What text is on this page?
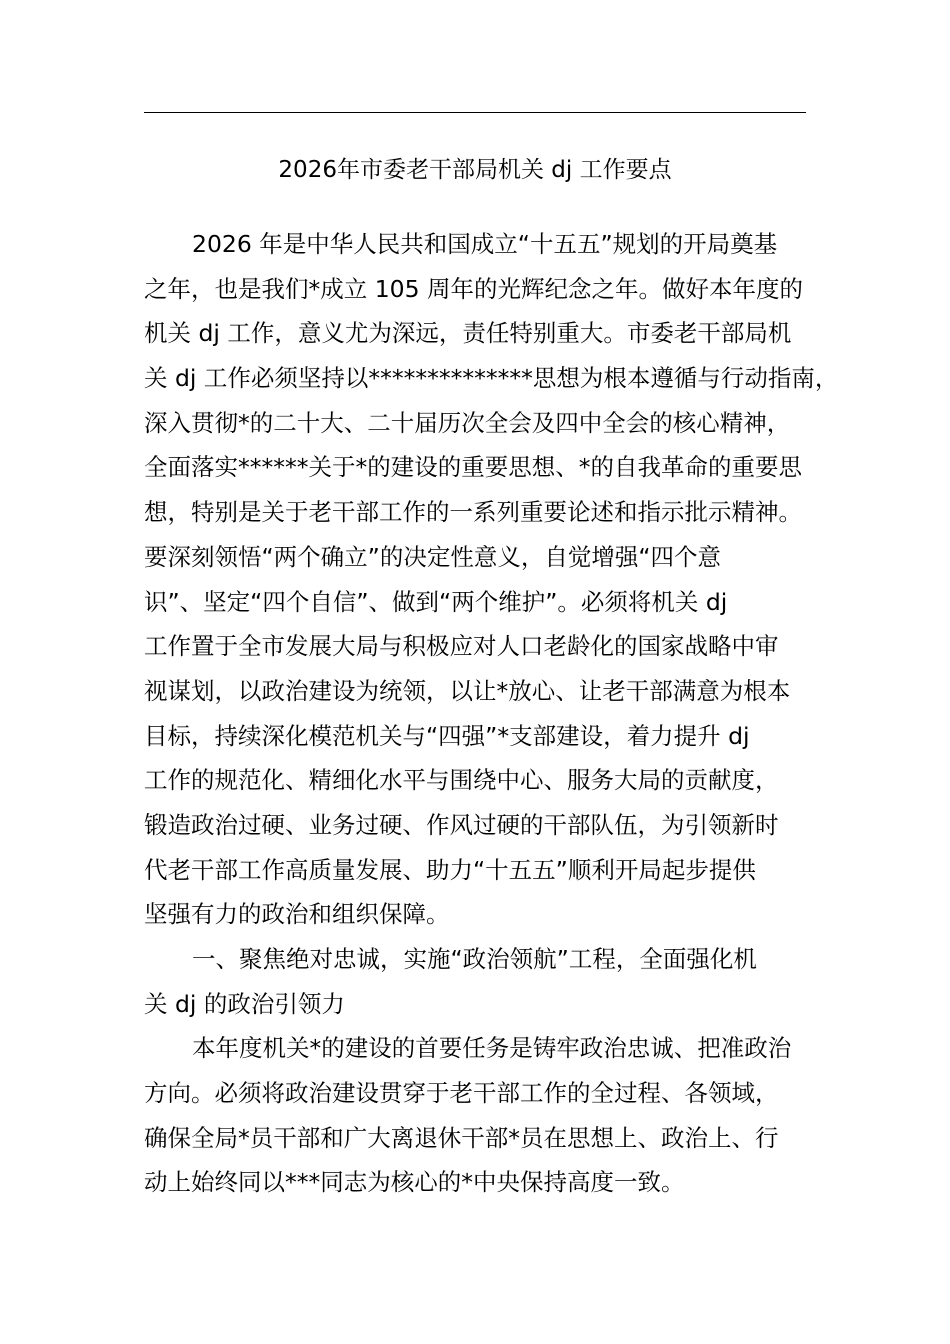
2026年市委老干部局机关 dj 工作要点
2026 年是中华人民共和国成立“十五五”规划的开局奠基
之年，也是我们*成立 105 周年的光辉纪念之年。做好本年度的
机关 dj 工作，意义尤为深远，责任特别重大。市委老干部局机
关 dj 工作必须坚持以**************思想为根本遵循与行动指南，
深入贯彻*的二十大、二十届历次全会及四中全会的核心精神，
全面落实******关于*的建设的重要思想、*的自我革命的重要思
想，特别是关于老干部工作的一系列重要论述和指示批示精神。
要深刻领悟“两个确立”的决定性意义，自觉增强“四个意
识”、坚定“四个自信”、做到“两个维护”。必须将机关 dj
工作置于全市发展大局与积极应对人口老龄化的国家战略中审
视谋划，以政治建设为统领，以让*放心、让老干部满意为根本
目标，持续深化模范机关与“四强”*支部建设，着力提升 dj
工作的规范化、精细化水平与围绕中心、服务大局的贡献度，
锻造政治过硬、业务过硬、作风过硬的干部队伍，为引领新时
代老干部工作高质量发展、助力“十五五”顺利开局起步提供
坚强有力的政治和组织保障。
一、聚焦绝对忠诚，实施“政治领航”工程，全面强化机
关 dj 的政治引领力
本年度机关*的建设的首要任务是铸牢政治忠诚、把准政治
方向。必须将政治建设贯穿于老干部工作的全过程、各领域，
确保全局*员干部和广大离退休干部*员在思想上、政治上、行
动上始终同以***同志为核心的*中央保持高度一致。
